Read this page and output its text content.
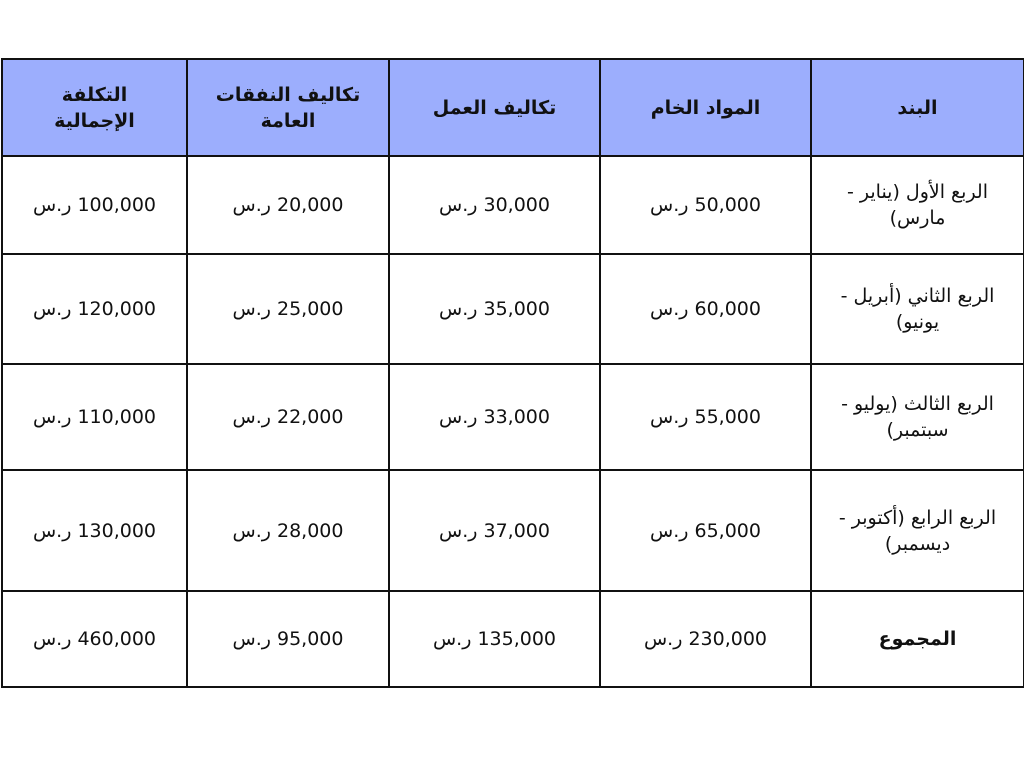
البند	المواد الخام	تكاليف العمل	تكاليف النفقات العامة	التكلفة الإجمالية
الربع الأول (يناير - مارس)	50,000 ر.س	30,000 ر.س	20,000 ر.س	100,000 ر.س
الربع الثاني (أبريل - يونيو)	60,000 ر.س	35,000 ر.س	25,000 ر.س	120,000 ر.س
الربع الثالث (يوليو - سبتمبر)	55,000 ر.س	33,000 ر.س	22,000 ر.س	110,000 ر.س
الربع الرابع (أكتوبر - ديسمبر)	65,000 ر.س	37,000 ر.س	28,000 ر.س	130,000 ر.س
المجموع	230,000 ر.س	135,000 ر.س	95,000 ر.س	460,000 ر.س
